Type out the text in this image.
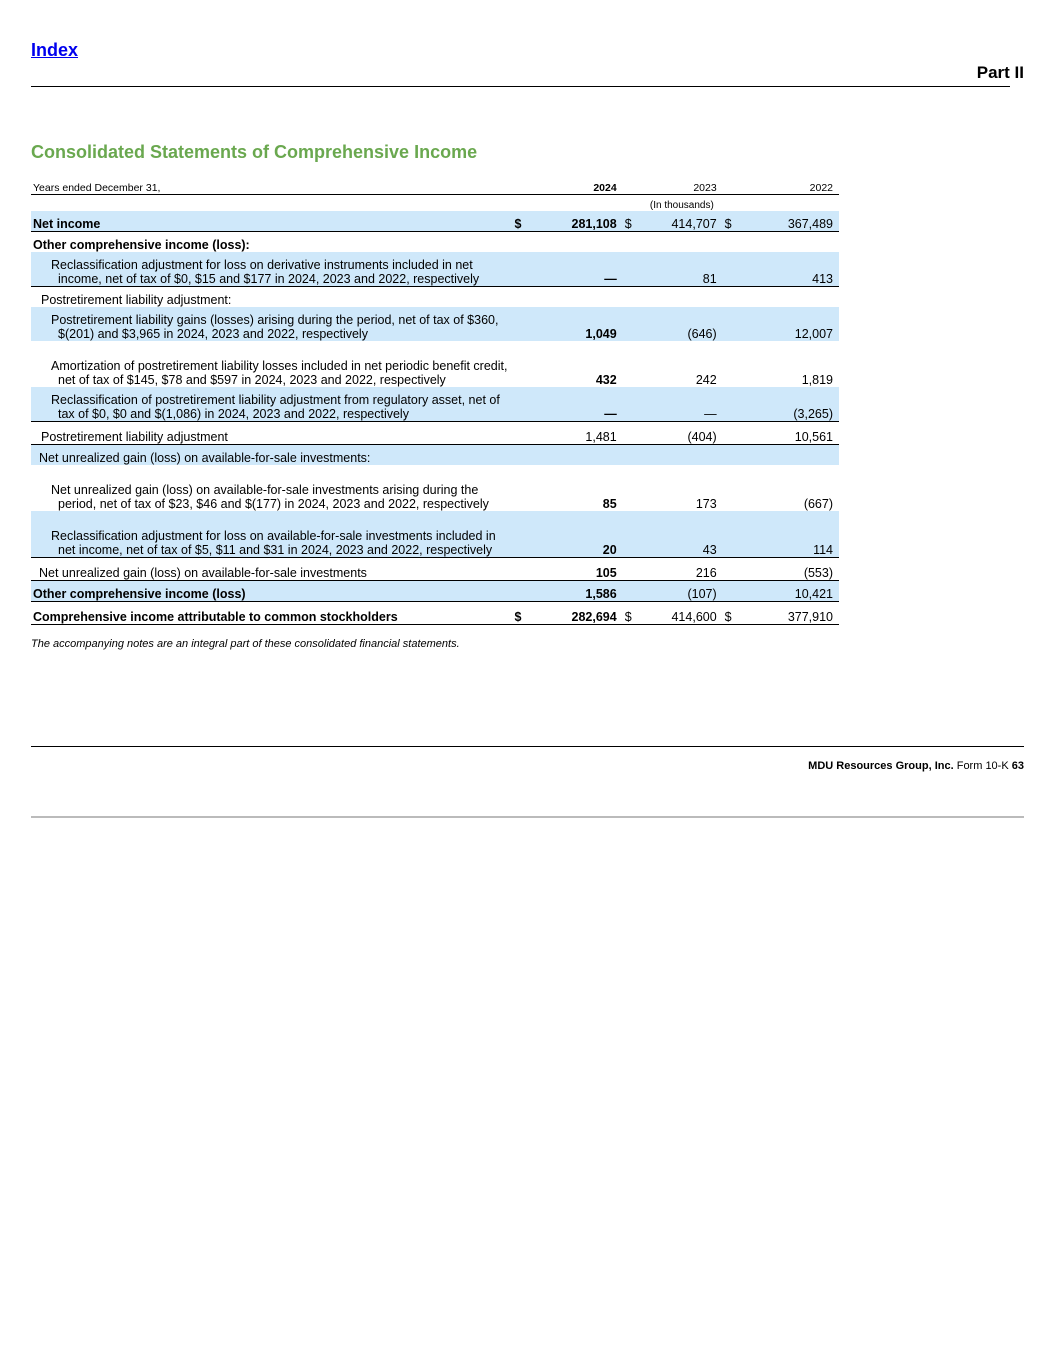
Index
Part II
Consolidated Statements of Comprehensive Income
Years ended December 31,		2024		2023		2022
			(In thousands)			
Net income	$	281,108	$	414,707	$	367,489
Other comprehensive income (loss):						
Reclassification adjustment for loss on derivative instruments included in net income, net of tax of $0, $15 and $177 in 2024, 2023 and 2022, respectively		—		81		413
Postretirement liability adjustment:						
Postretirement liability gains (losses) arising during the period, net of tax of $360, $(201) and $3,965 in 2024, 2023 and 2022, respectively		1,049		(646)		12,007
Amortization of postretirement liability losses included in net periodic benefit credit, net of tax of $145, $78 and $597 in 2024, 2023 and 2022, respectively		432		242		1,819
Reclassification of postretirement liability adjustment from regulatory asset, net of tax of $0, $0 and $(1,086) in 2024, 2023 and 2022, respectively		—		—		(3,265)
Postretirement liability adjustment		1,481		(404)		10,561
Net unrealized gain (loss) on available-for-sale investments:						
Net unrealized gain (loss) on available-for-sale investments arising during the period, net of tax of $23, $46 and $(177) in 2024, 2023 and 2022, respectively		85		173		(667)
Reclassification adjustment for loss on available-for-sale investments included in net income, net of tax of $5, $11 and $31 in 2024, 2023 and 2022, respectively		20		43		114
Net unrealized gain (loss) on available-for-sale investments		105		216		(553)
Other comprehensive income (loss)		1,586		(107)		10,421
Comprehensive income attributable to common stockholders	$	282,694	$	414,600	$	377,910
The accompanying notes are an integral part of these consolidated financial statements.
MDU Resources Group, Inc. Form 10-K 63
